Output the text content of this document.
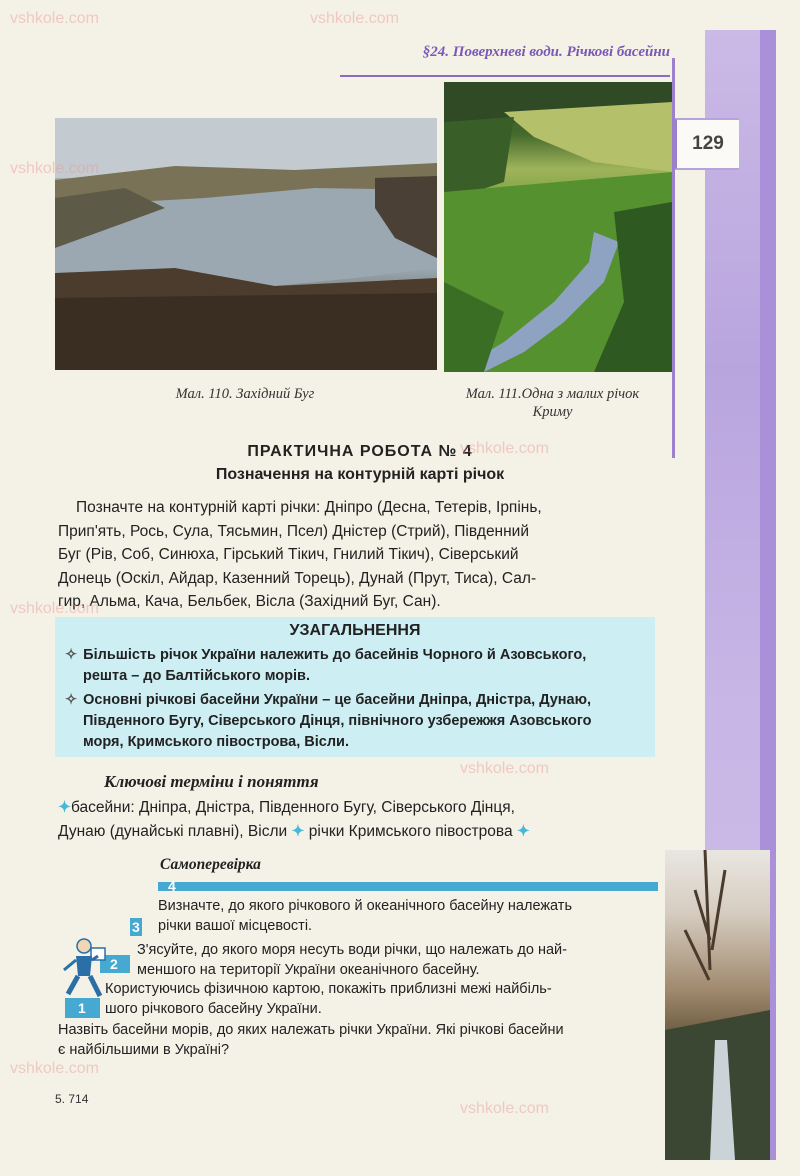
§24. Поверхневі води. Річкові басейни
129
Мал. 110. Західний Буг	Мал. 111.Одна з малих річок
Криму
ПРАКТИЧНА РОБОТА № 4
Позначення на контурній карті річок
Позначте на контурній карті річки: Дніпро (Десна, Тетерів, Ірпінь,
Прип'ять, Рось, Сула, Тясьмин, Псел) Дністер (Стрий), Південний
Буг (Рів, Соб, Синюха, Гірський Тікич, Гнилий Тікич), Сіверський
Донець (Оскіл, Айдар, Казенний Торець), Дунай (Прут, Тиса), Сал-
гир, Альма, Кача, Бельбек, Вісла (Західний Буг, Сан).
УЗАГАЛЬНЕННЯ
✧ Більшість річок України належить до басейнів Чорного й Азовського,
решта – до Балтійського морів.
✧ Основні річкові басейни України – це басейни Дніпра, Дністра, Дунаю,
Південного Бугу, Сіверського Дінця, північного узбережжя Азовського
моря, Кримського півострова, Вісли.
Ключові терміни і поняття
✦басейни: Дніпра, Дністра, Південного Бугу, Сіверського Дінця,
Дунаю (дунайські плавні), Вісли ✦ річки Кримського півострова ✦
Самоперевірка
4
3
2
1
Визначте, до якого річкового й океанічного басейну належать
річки вашої місцевості.
З'ясуйте, до якого моря несуть води річки, що належать до най-
меншого на території України океанічного басейну.
Користуючись фізичною картою, покажіть приблизні межі найбіль-
шого річкового басейну України.
Назвіть басейни морів, до яких належать річки України. Які річкові басейни
є найбільшими в Україні?
5. 714
vshkole.com	vshkole.com
vshkole.com
vshkole.com
vshkole.com
vshkole.com
vshkole.com
vshkole.com
